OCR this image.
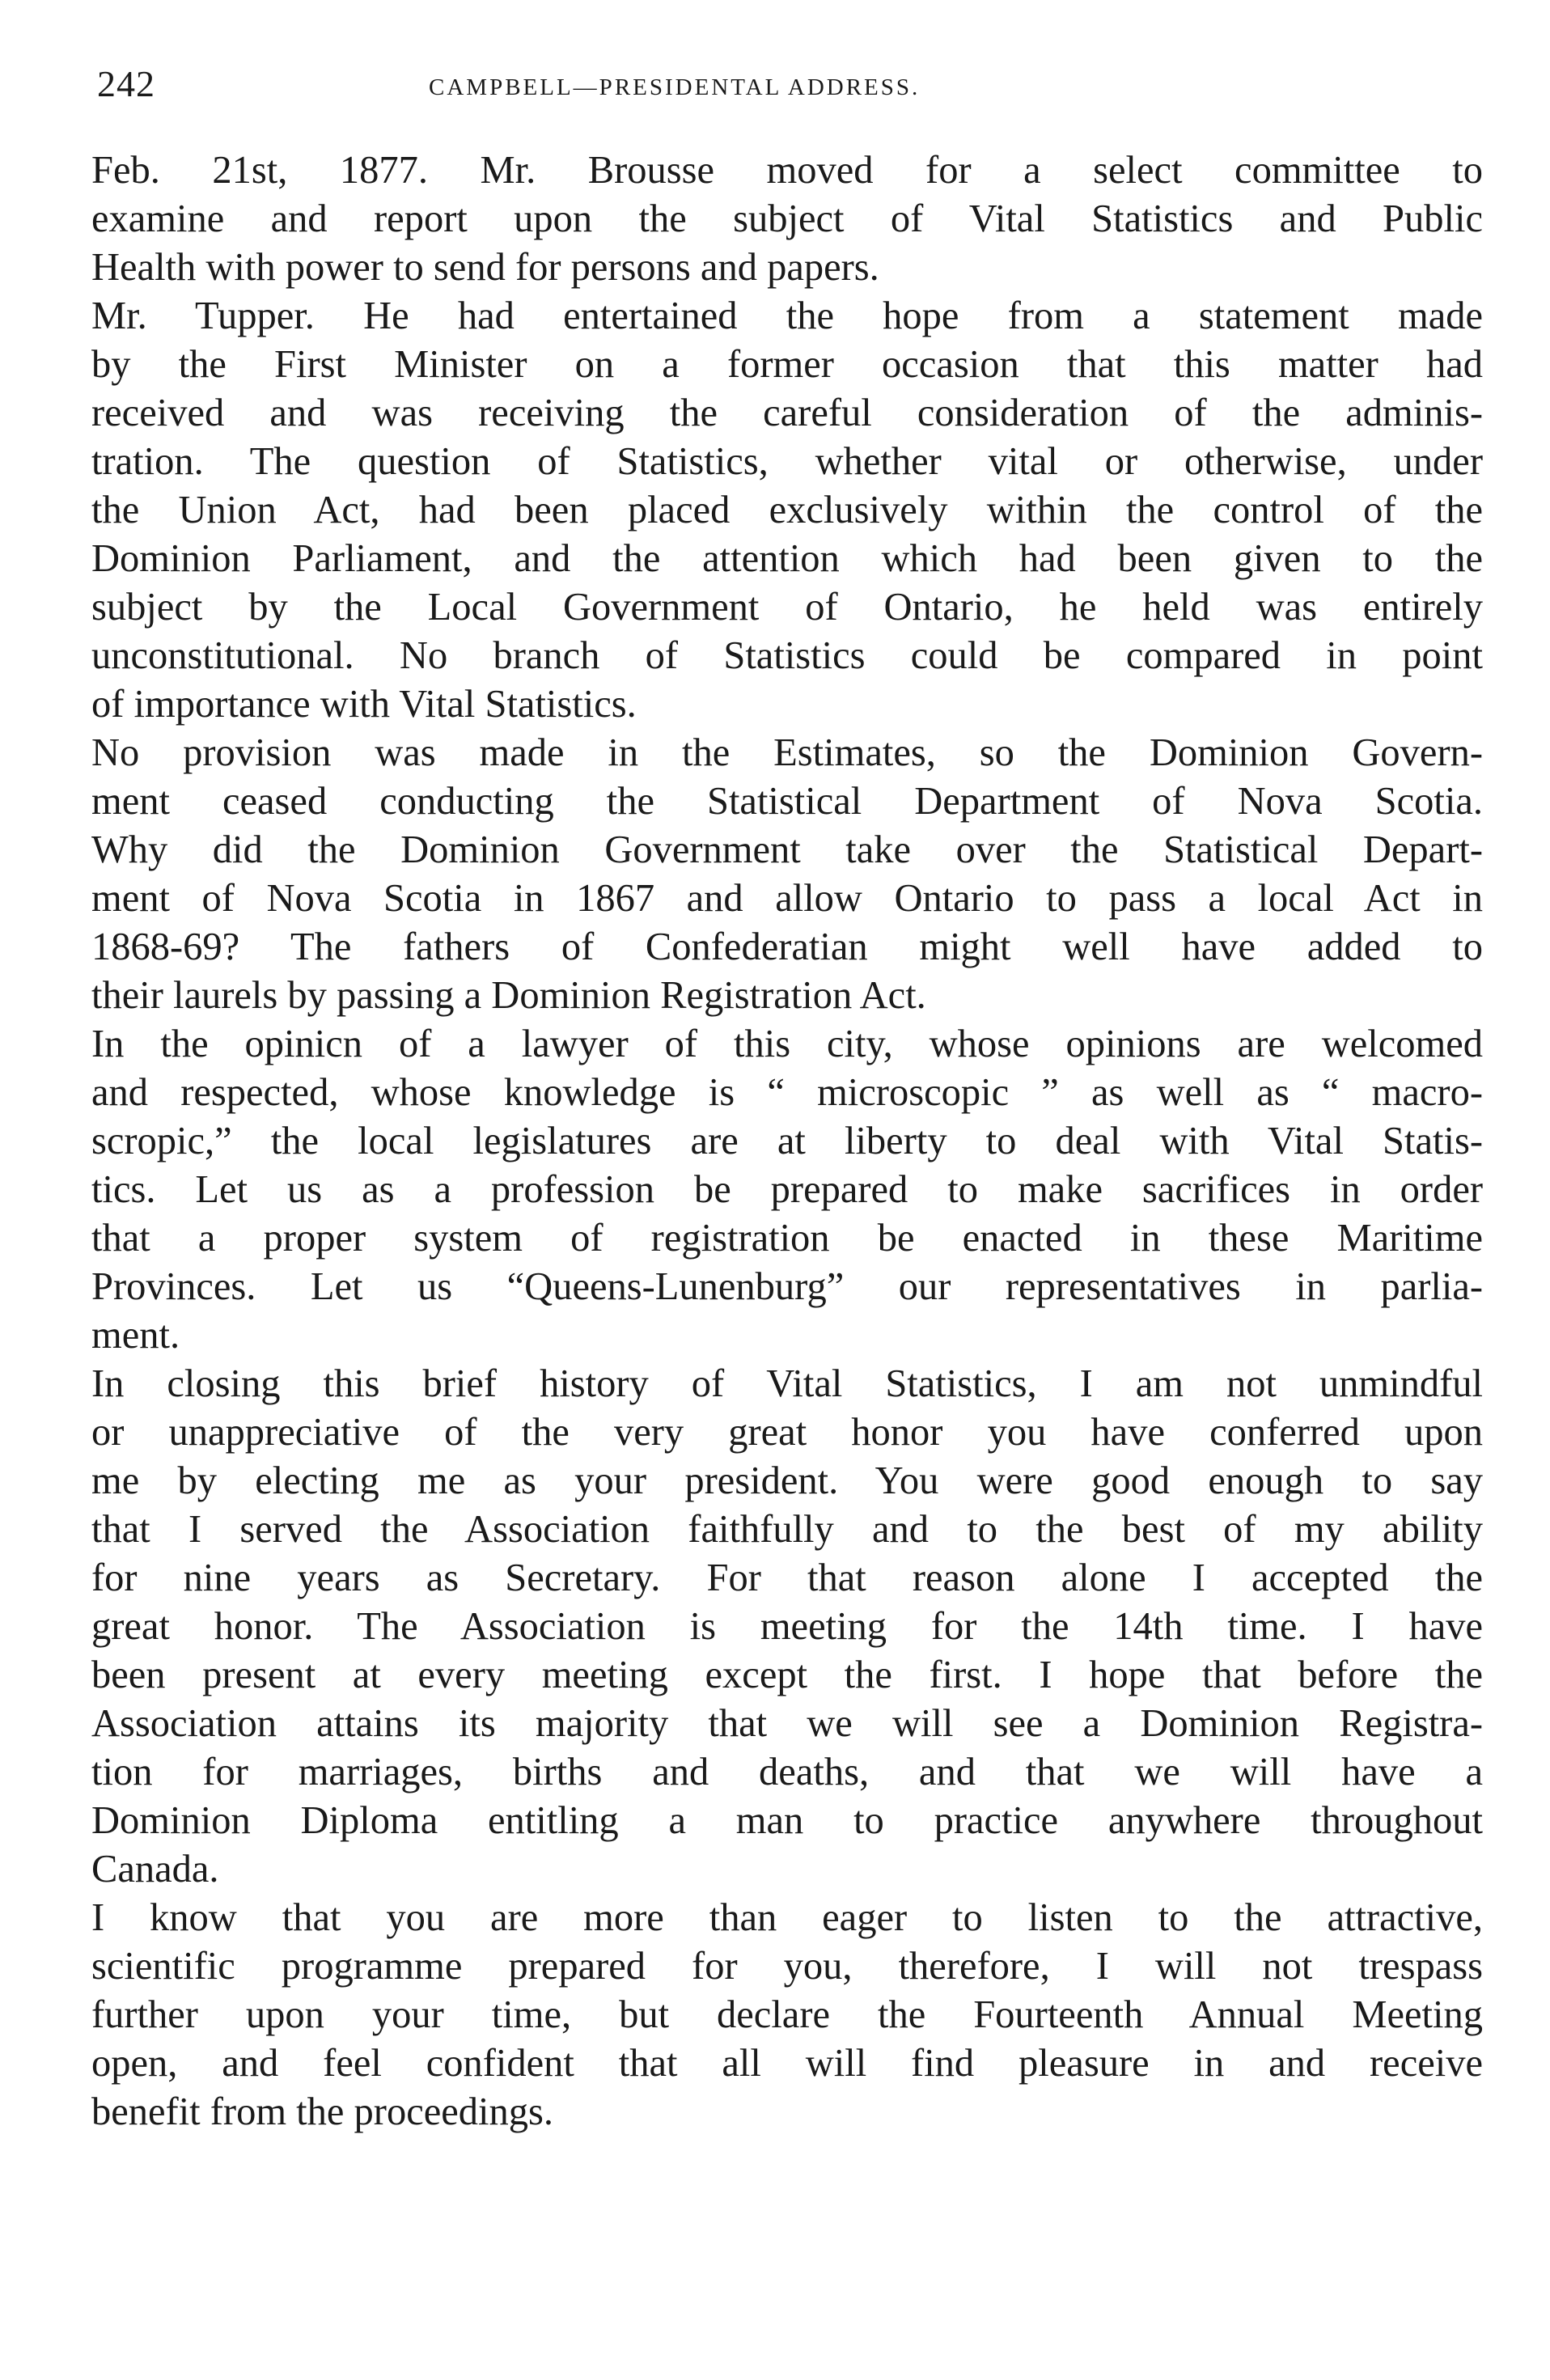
242	CAMPBELL—PRESIDENTAL ADDRESS.
Feb. 21st, 1877. Mr. Brousse moved for a select committee to
examine and report upon the subject of Vital Statistics and Public
Health with power to send for persons and papers.
Mr. Tupper. He had entertained the hope from a statement made
by the First Minister on a former occasion that this matter had
received and was receiving the careful consideration of the adminis-
tration. The question of Statistics, whether vital or otherwise, under
the Union Act, had been placed exclusively within the control of the
Dominion Parliament, and the attention which had been given to the
subject by the Local Government of Ontario, he held was entirely
unconstitutional. No branch of Statistics could be compared in point
of importance with Vital Statistics.
No provision was made in the Estimates, so the Dominion Govern-
ment ceased conducting the Statistical Department of Nova Scotia.
Why did the Dominion Government take over the Statistical Depart-
ment of Nova Scotia in 1867 and allow Ontario to pass a local Act in
1868-69? The fathers of Confederatian might well have added to
their laurels by passing a Dominion Registration Act.
In the opinicn of a lawyer of this city, whose opinions are welcomed
and respected, whose knowledge is “ microscopic ” as well as “ macro-
scropic,” the local legislatures are at liberty to deal with Vital Statis-
tics. Let us as a profession be prepared to make sacrifices in order
that a proper system of registration be enacted in these Maritime
Provinces. Let us “Queens-Lunenburg” our representatives in parlia-
ment.
In closing this brief history of Vital Statistics, I am not unmindful
or unappreciative of the very great honor you have conferred upon
me by electing me as your president. You were good enough to say
that I served the Association faithfully and to the best of my ability
for nine years as Secretary. For that reason alone I accepted the
great honor. The Association is meeting for the 14th time. I have
been present at every meeting except the first. I hope that before the
Association attains its majority that we will see a Dominion Registra-
tion for marriages, births and deaths, and that we will have a
Dominion Diploma entitling a man to practice anywhere throughout
Canada.
I know that you are more than eager to listen to the attractive,
scientific programme prepared for you, therefore, I will not trespass
further upon your time, but declare the Fourteenth Annual Meeting
open, and feel confident that all will find pleasure in and receive
benefit from the proceedings.
